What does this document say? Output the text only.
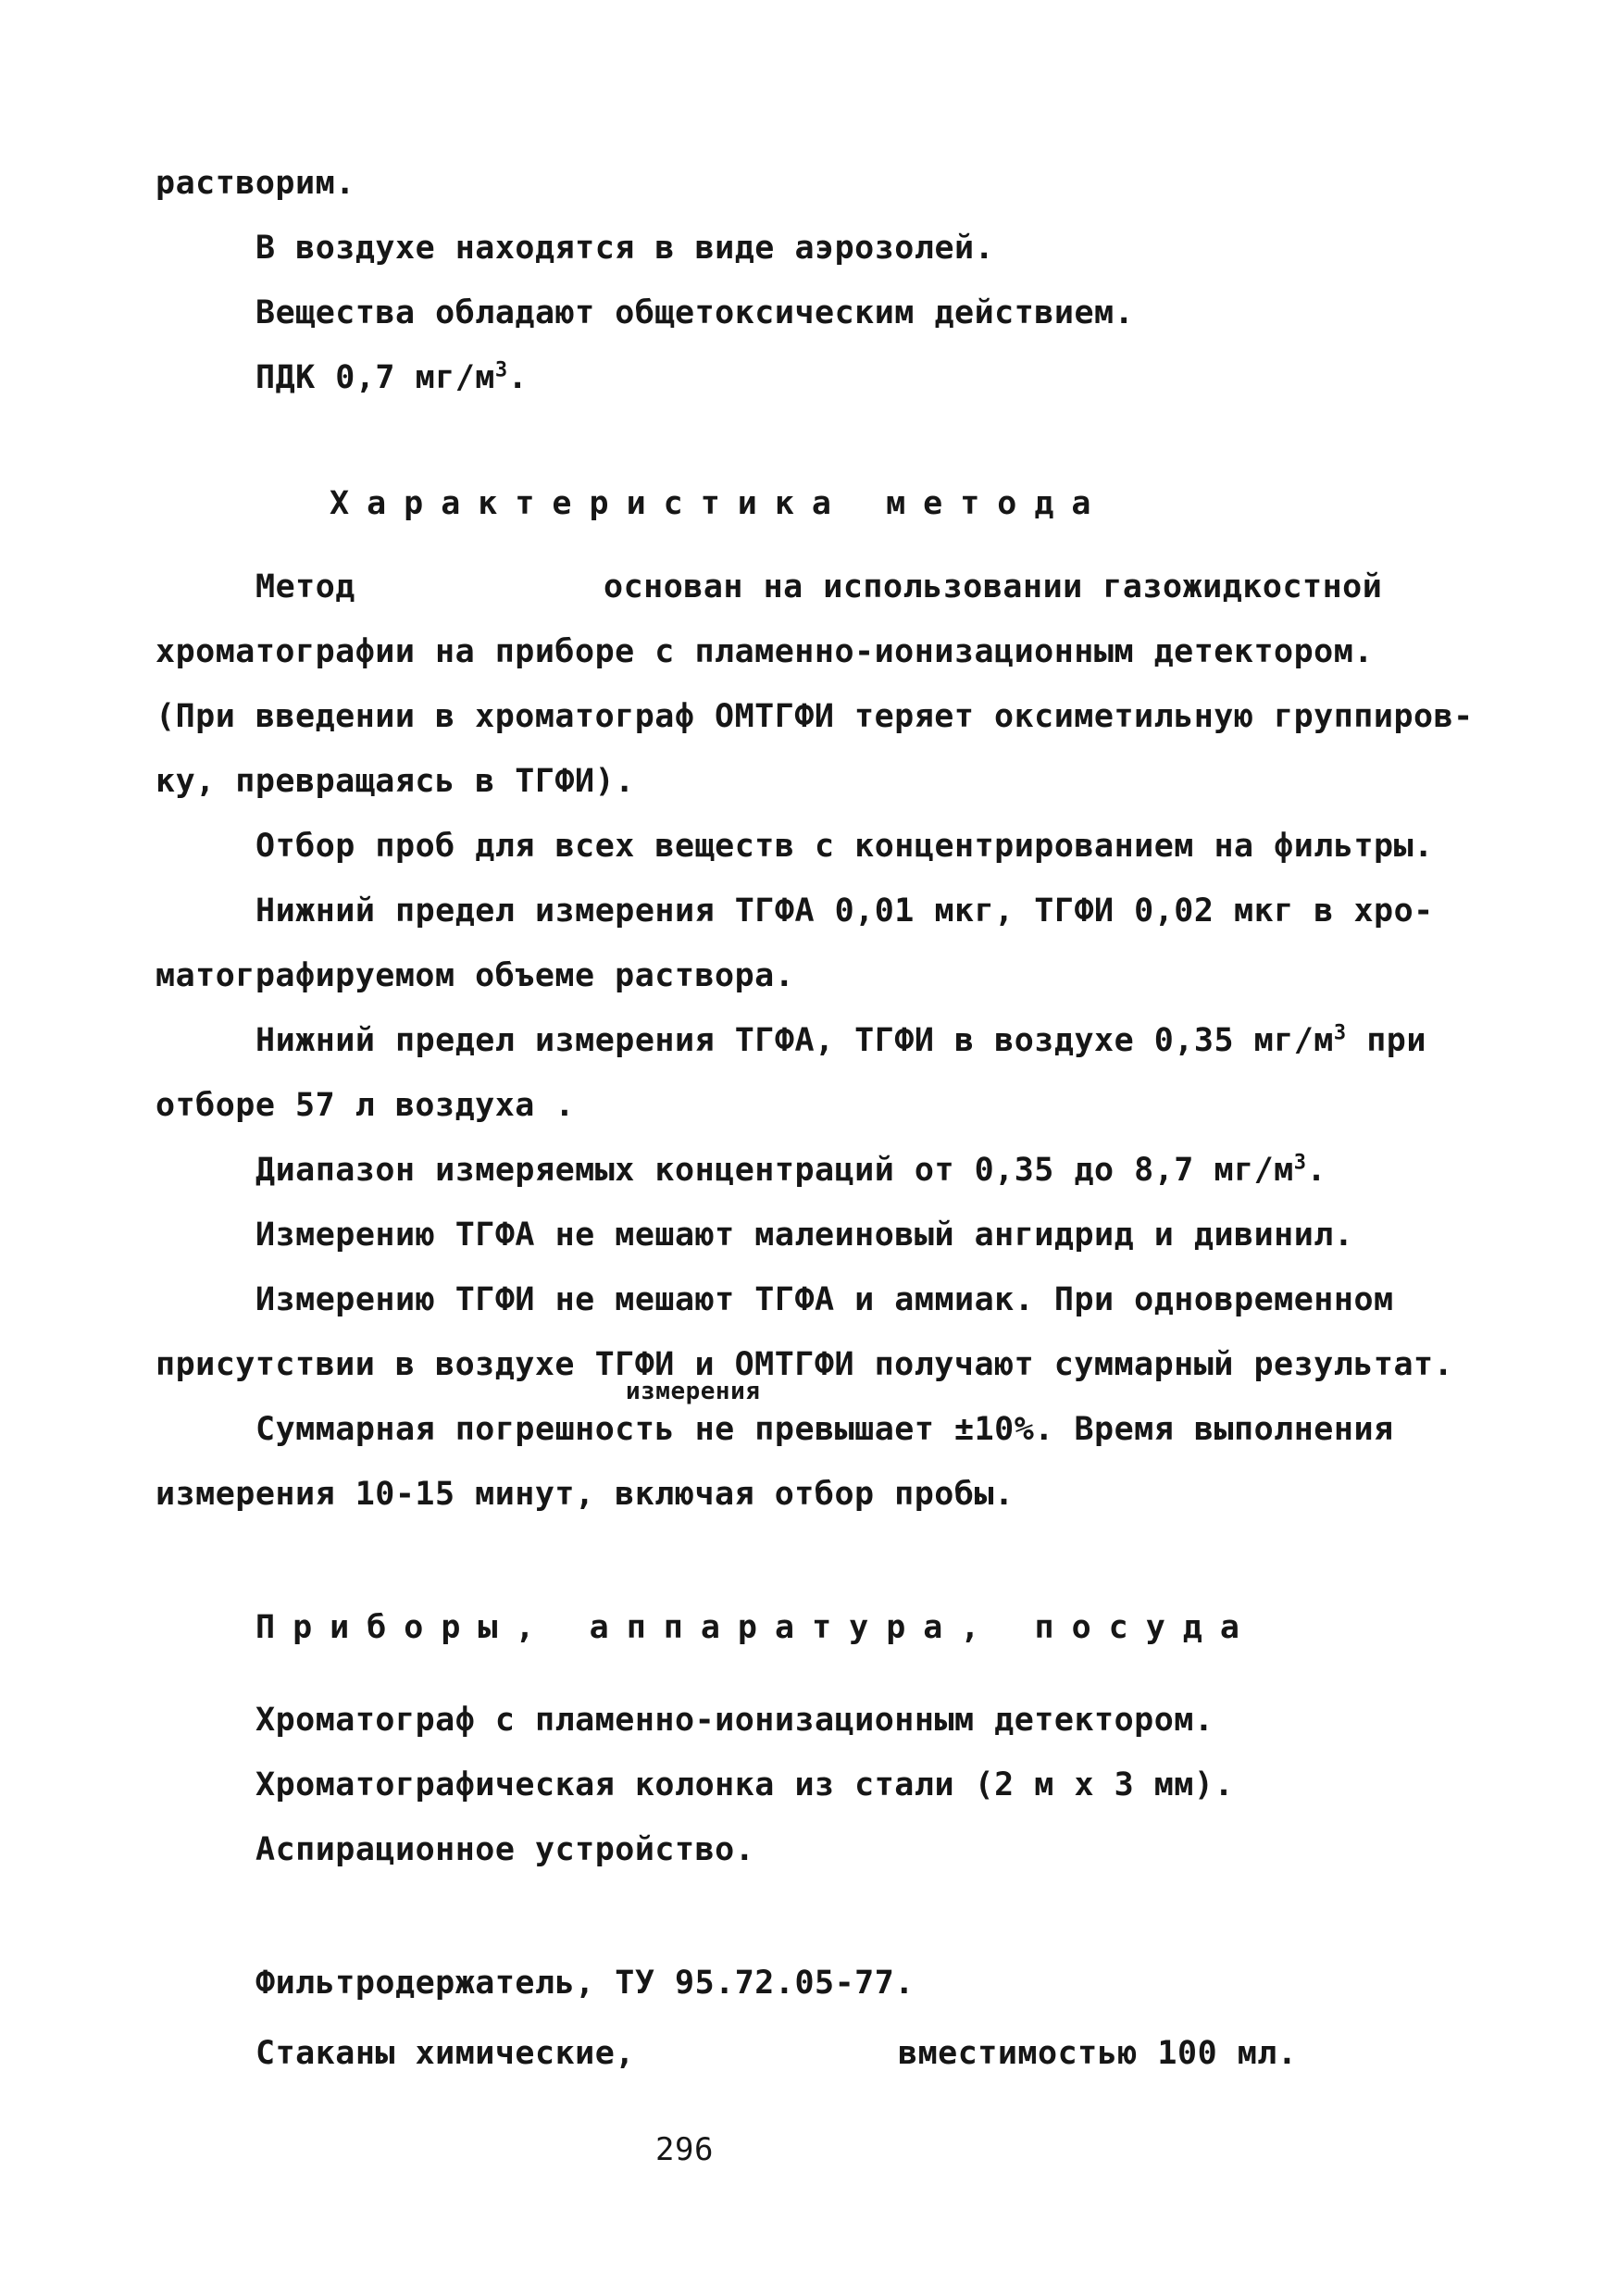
растворим.
В воздухе находятся в виде аэрозолей.
Вещества обладают общетоксическим действием.
ПДК 0,7 $мг/м^3$.
Характеристика метода
Метод	основан на использовании газожидкостной
хроматографии на приборе с пламенно-ионизационным детектором.
(При введении в хроматограф ОМТГФИ теряет оксиметильную группиров-
ку, превращаясь в ТГФИ).
Отбор проб для всех веществ с концентрированием на фильтры.
Нижний предел измерения ТГФА 0,01 мкг, ТГФИ 0,02 мкг в хро-
матографируемом объеме раствора.
Нижний предел измерения ТГФА, ТГФИ в воздухе 0,35 $мг/м^3$ при
отборе 57 л воздуха .
Диапазон измеряемых концентраций от 0,35 до 8,7 $мг/м^3$.
Измерению ТГФА не мешают малеиновый ангидрид и дивинил.
Измерению ТГФИ не мешают ТГФА и аммиак. При одновременном
присутствии в воздухе ТГФИ и ОМТГФИ получают суммарный результат.
измерения
Суммарная погрешность не превышает ±10%. Время выполнения
измерения 10-15 минут, включая отбор пробы.
Приборы, аппаратура, посуда
Хроматограф с пламенно-ионизационным детектором.
Хроматографическая колонка из стали (2 м х 3 мм).
Аспирационное устройство.
Фильтродержатель, ТУ 95.72.05-77.
Стаканы химические,	вместимостью 100 мл.
296
